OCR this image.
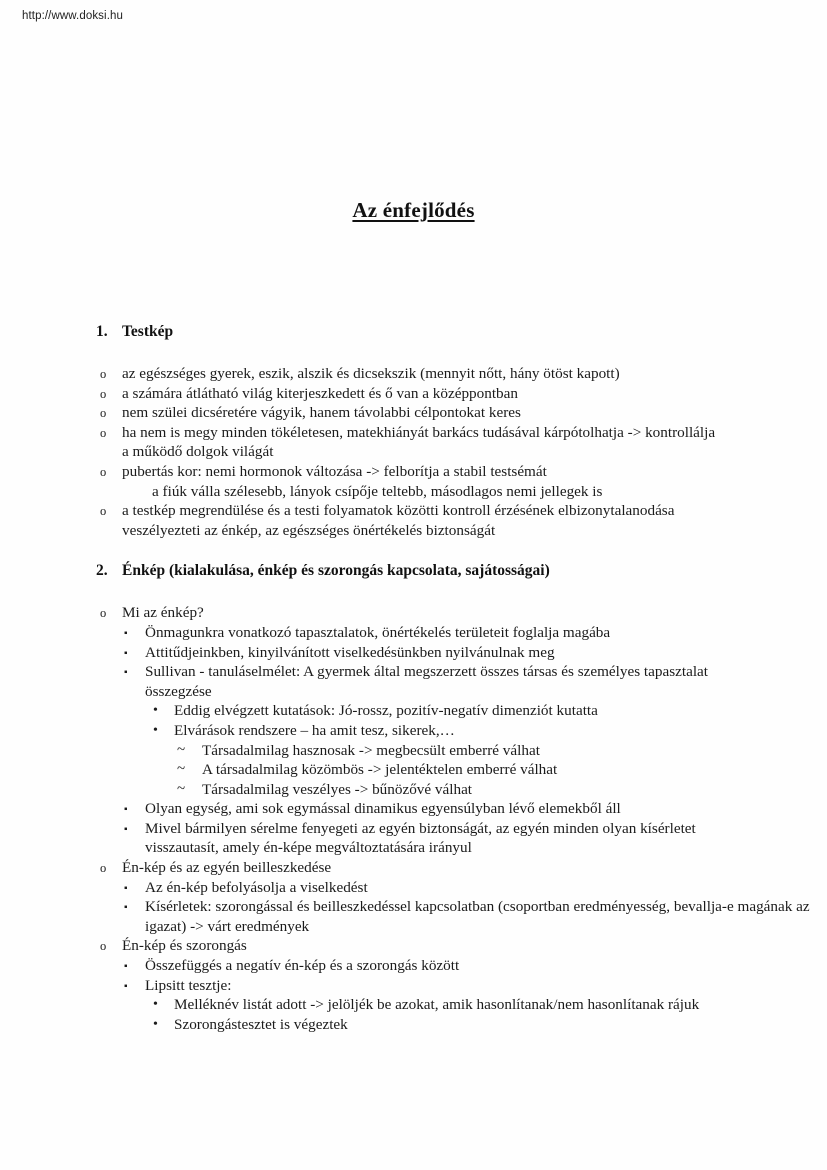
http://www.doksi.hu
Az énfejlődés
1. Testkép
o az egészséges gyerek, eszik, alszik és dicsekszik (mennyit nőtt, hány ötöst kapott)
o a számára átlátható világ kiterjeszkedett és ő van a középpontban
o nem szülei dicséretére vágyik, hanem távolabbi célpontokat keres
o ha nem is megy minden tökéletesen, matekhiányát barkács tudásával kárpótolhatja -> kontrollálja a működő dolgok világát
o pubertás kor: nemi hormonok változása -> felborítja a stabil testsémát
a fiúk válla szélesebb, lányok csípője teltebb, másodlagos nemi jellegek is
o a testkép megrendülése és a testi folyamatok közötti kontroll érzésének elbizonytalanodása veszélyezteti az énkép, az egészséges önértékelés biztonságát
2. Énkép (kialakulása, énkép és szorongás kapcsolata, sajátosságai)
o Mi az énkép?
▪ Önmagunkra vonatkozó tapasztalatok, önértékelés területeit foglalja magába
▪ Attitűdjeinkben, kinyilvánított viselkedésünkben nyilvánulnak meg
▪ Sullivan - tanuláselmélet: A gyermek által megszerzett összes társas és személyes tapasztalat összegzése
• Eddig elvégzett kutatások: Jó-rossz, pozitív-negatív dimenziót kutatta
• Elvárások rendszere – ha amit tesz, sikerek,…
~ Társadalmilag hasznosak -> megbecsült emberré válhat
~ A társadalmilag közömbös -> jelentéktelen emberré válhat
~ Társadalmilag veszélyes -> bűnözővé válhat
▪ Olyan egység, ami sok egymással dinamikus egyensúlyban lévő elemekből áll
▪ Mivel bármilyen sérelme fenyegeti az egyén biztonságát, az egyén minden olyan kísérletet visszautasít, amely én-képe megváltoztatására irányul
o Én-kép és az egyén beilleszkedése
▪ Az én-kép befolyásolja a viselkedést
▪ Kísérletek: szorongással és beilleszkedéssel kapcsolatban (csoportban eredményesség, bevallja-e magának az igazat) -> várt eredmények
o Én-kép és szorongás
▪ Összefüggés a negatív én-kép és a szorongás között
▪ Lipsitt tesztje:
• Melléknév listát adott -> jelöljék be azokat, amik hasonlítanak/nem hasonlítanak rájuk
• Szorongástesztet is végeztek
